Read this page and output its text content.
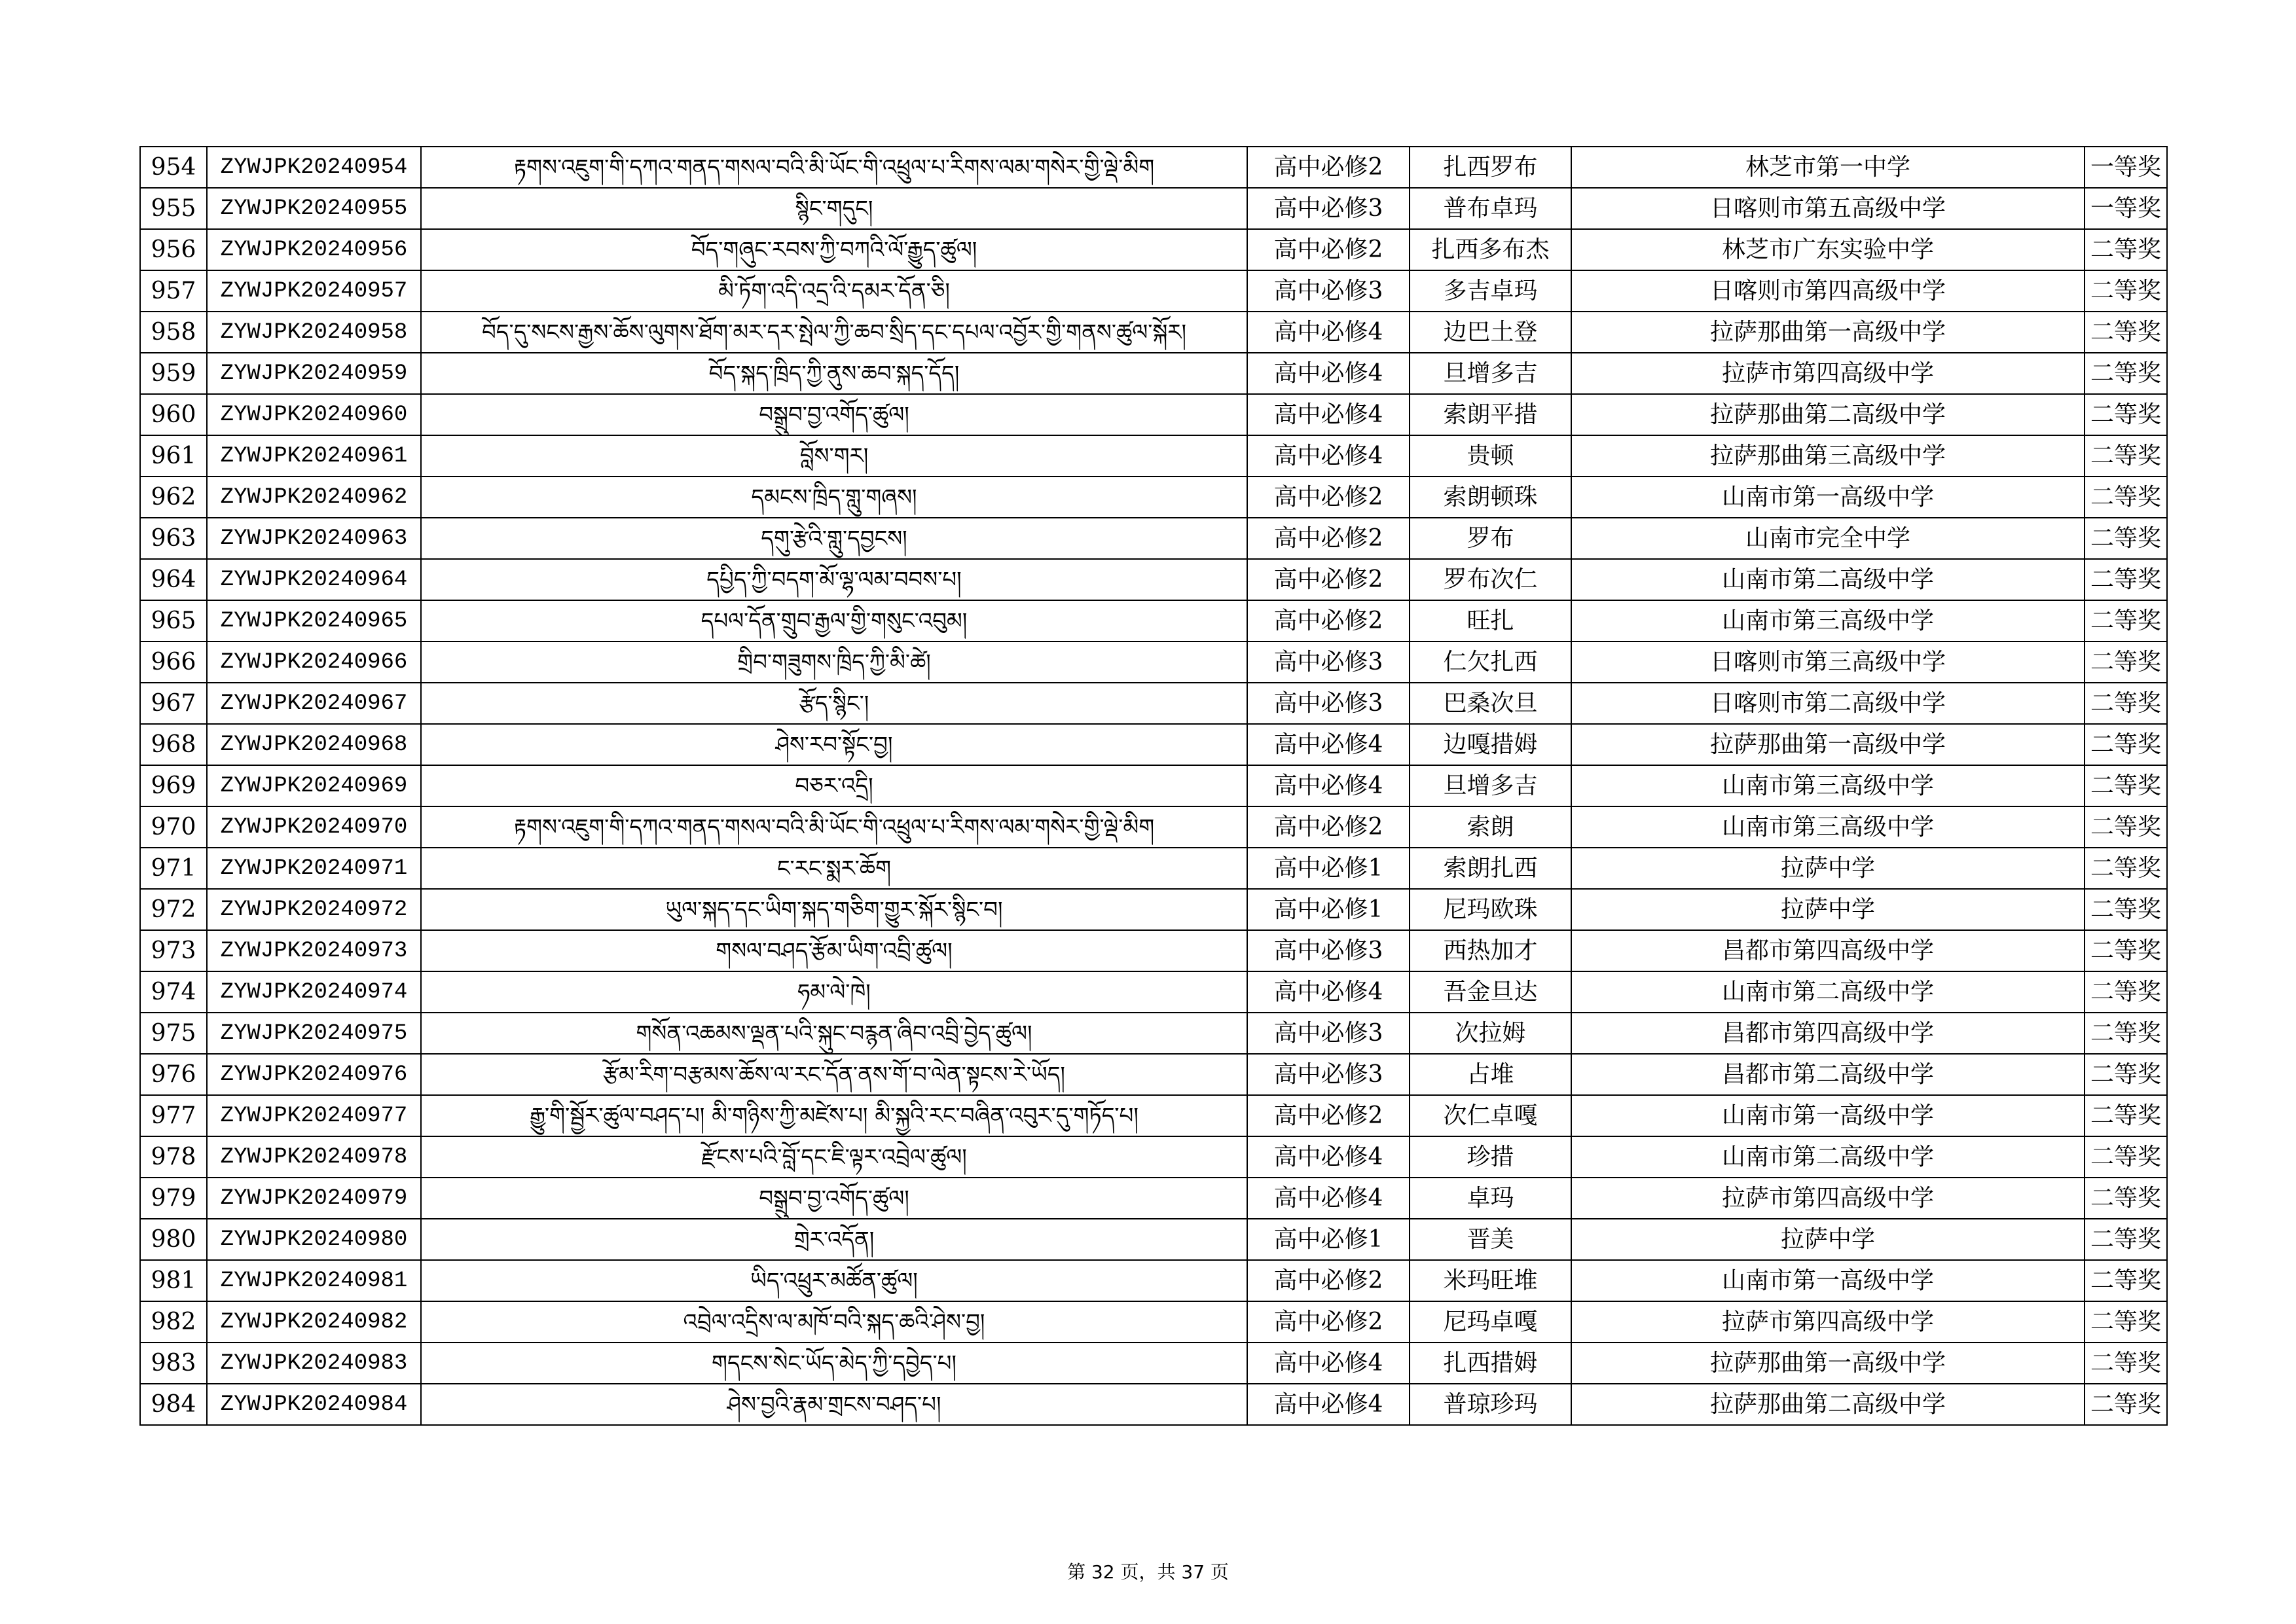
954	ZYWJPK20240954	རྟགས་འཇུག་གི་དཀའ་གནད་གསལ་བའི་མི་ཡོང་གི་འཕྲུལ་པ་རིགས་ལམ་གསེར་གྱི་ལྡེ་མིག	高中必修2	扎西罗布	林芝市第一中学	一等奖
955	ZYWJPK20240955	སྙིང་གདུང།	高中必修3	普布卓玛	日喀则市第五高级中学	一等奖
956	ZYWJPK20240956	བོད་གཞུང་རབས་ཀྱི་བཀའི་ལོ་རྒྱུད་ཚུལ།	高中必修2	扎西多布杰	林芝市广东实验中学	二等奖
957	ZYWJPK20240957	མི་ཏོག་འདི་འདྲ་འི་དམར་དོན་ཅི།	高中必修3	多吉卓玛	日喀则市第四高级中学	二等奖
958	ZYWJPK20240958	བོད་དུ་སངས་རྒྱས་ཆོས་ལུགས་ཐོག་མར་དར་སྤེལ་ཀྱི་ཆབ་སྲིད་དང་དཔལ་འབྱོར་གྱི་གནས་ཚུལ་སྐོར།	高中必修4	边巴土登	拉萨那曲第一高级中学	二等奖
959	ZYWJPK20240959	བོད་སྐད་ཁྲིད་ཀྱི་ནུས་ཆབ་སྐད་དོད།	高中必修4	旦增多吉	拉萨市第四高级中学	二等奖
960	ZYWJPK20240960	བསྒྲུབ་བྱ་འགོད་ཚུལ།	高中必修4	索朗平措	拉萨那曲第二高级中学	二等奖
961	ZYWJPK20240961	བློས་གར།	高中必修4	贵顿	拉萨那曲第三高级中学	二等奖
962	ZYWJPK20240962	དམངས་ཁྲིད་གླུ་གཞས།	高中必修2	索朗顿珠	山南市第一高级中学	二等奖
963	ZYWJPK20240963	དགུ་རྩེའི་གླུ་དབྱངས།	高中必修2	罗布	山南市完全中学	二等奖
964	ZYWJPK20240964	དཔྱིད་ཀྱི་བདག་མོ་ལྷ་ལམ་བབས་པ།	高中必修2	罗布次仁	山南市第二高级中学	二等奖
965	ZYWJPK20240965	དཔལ་དོན་གྲུབ་རྒྱལ་གྱི་གསུང་འབུམ།	高中必修2	旺扎	山南市第三高级中学	二等奖
966	ZYWJPK20240966	གྲིབ་གཟུགས་ཁྲིད་ཀྱི་མི་ཚེ།	高中必修3	仁欠扎西	日喀则市第三高级中学	二等奖
967	ZYWJPK20240967	རྩོད་སྙིང་།	高中必修3	巴桑次旦	日喀则市第二高级中学	二等奖
968	ZYWJPK20240968	ཤེས་རབ་སྟོང་བྱ།	高中必修4	边嘎措姆	拉萨那曲第一高级中学	二等奖
969	ZYWJPK20240969	བཅར་འདྲི།	高中必修4	旦增多吉	山南市第三高级中学	二等奖
970	ZYWJPK20240970	རྟགས་འཇུག་གི་དཀའ་གནད་གསལ་བའི་མི་ཡོང་གི་འཕྲུལ་པ་རིགས་ལམ་གསེར་གྱི་ལྡེ་མིག	高中必修2	索朗	山南市第三高级中学	二等奖
971	ZYWJPK20240971	ང་རང་སྨར་ཆོག	高中必修1	索朗扎西	拉萨中学	二等奖
972	ZYWJPK20240972	ཡུལ་སྐད་དང་ཡིག་སྐད་གཅིག་གྱུར་སྐོར་སྙིང་བ།	高中必修1	尼玛欧珠	拉萨中学	二等奖
973	ZYWJPK20240973	གསལ་བཤད་རྩོམ་ཡིག་འབྲི་ཚུལ།	高中必修3	西热加才	昌都市第四高级中学	二等奖
974	ZYWJPK20240974	ཧམ་ལེ་ཁེ།	高中必修4	吾金旦达	山南市第二高级中学	二等奖
975	ZYWJPK20240975	གསོན་འཆམས་ལྡན་པའི་སྐུང་བརྙན་ཞིབ་འབྲི་བྱེད་ཚུལ།	高中必修3	次拉姆	昌都市第四高级中学	二等奖
976	ZYWJPK20240976	རྩོམ་རིག་བརྩམས་ཆོས་ལ་རང་དོན་ནས་གོ་བ་ལེན་སྟངས་རེ་ཡོད།	高中必修3	占堆	昌都市第二高级中学	二等奖
977	ZYWJPK20240977	རྒྱུ་གི་སྦྱོར་ཚུལ་བཤད་པ། མི་གཉིས་ཀྱི་མཛེས་པ། མི་སྐྱའི་རང་བཞིན་འབུར་དུ་གཏོད་པ།	高中必修2	次仁卓嘎	山南市第一高级中学	二等奖
978	ZYWJPK20240978	རྫོངས་པའི་བློ་དང་ཇི་ལྟར་འབྲེལ་ཚུལ།	高中必修4	珍措	山南市第二高级中学	二等奖
979	ZYWJPK20240979	བསྒྲུབ་བྱ་འགོད་ཚུལ།	高中必修4	卓玛	拉萨市第四高级中学	二等奖
980	ZYWJPK20240980	གྲེར་འདོན།	高中必修1	晋美	拉萨中学	二等奖
981	ZYWJPK20240981	ཡིད་འཕྲུར་མཚོན་ཚུལ།	高中必修2	米玛旺堆	山南市第一高级中学	二等奖
982	ZYWJPK20240982	འབྲེལ་འདྲིས་ལ་མཁོ་བའི་སྐད་ཆའི་ཤེས་བྱ།	高中必修2	尼玛卓嘎	拉萨市第四高级中学	二等奖
983	ZYWJPK20240983	གདངས་སེང་ཡོད་མེད་ཀྱི་དབྱེད་པ།	高中必修4	扎西措姆	拉萨那曲第一高级中学	二等奖
984	ZYWJPK20240984	ཤེས་བྱའི་རྣམ་གྲངས་བཤད་པ།	高中必修4	普琼珍玛	拉萨那曲第二高级中学	二等奖
第 32 页，共 37 页
